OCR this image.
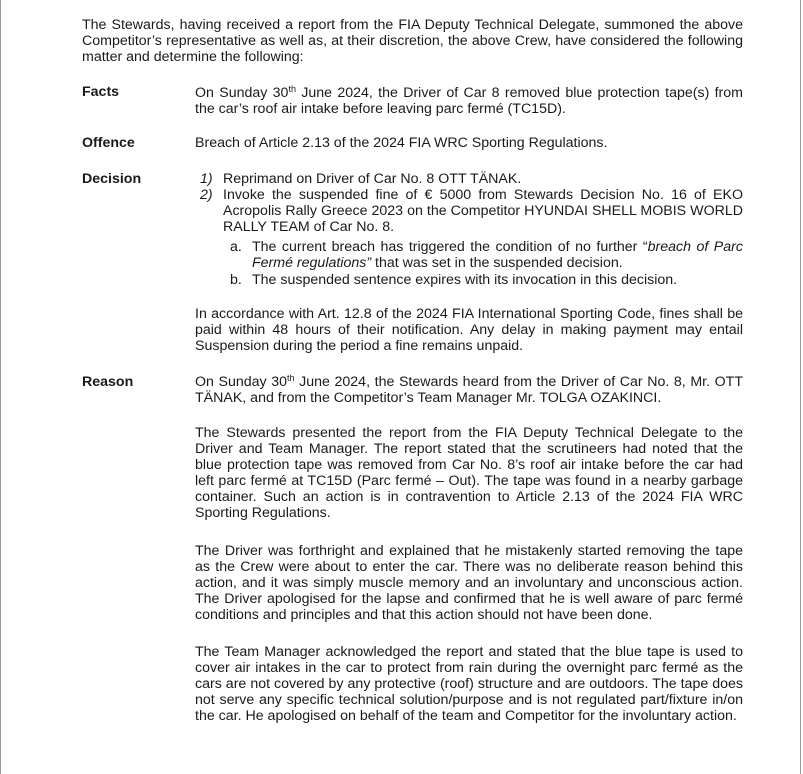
The Stewards, having received a report from the FIA Deputy Technical Delegate, summoned the above Competitor’s representative as well as, at their discretion, the above Crew, have considered the following matter and determine the following:
Facts	On Sunday 30th June 2024, the Driver of Car 8 removed blue protection tape(s) from the car’s roof air intake before leaving parc fermé (TC15D).
Offence	Breach of Article 2.13 of the 2024 FIA WRC Sporting Regulations.
Decision	1) Reprimand on Driver of Car No. 8 OTT TÄNAK.
2) Invoke the suspended fine of € 5000 from Stewards Decision No. 16 of EKO Acropolis Rally Greece 2023 on the Competitor HYUNDAI SHELL MOBIS WORLD RALLY TEAM of Car No. 8.
a. The current breach has triggered the condition of no further “breach of Parc Fermé regulations” that was set in the suspended decision.
b. The suspended sentence expires with its invocation in this decision.
In accordance with Art. 12.8 of the 2024 FIA International Sporting Code, fines shall be paid within 48 hours of their notification. Any delay in making payment may entail Suspension during the period a fine remains unpaid.
Reason	On Sunday 30th June 2024, the Stewards heard from the Driver of Car No. 8, Mr. OTT TÄNAK, and from the Competitor’s Team Manager Mr. TOLGA OZAKINCI.
The Stewards presented the report from the FIA Deputy Technical Delegate to the Driver and Team Manager. The report stated that the scrutineers had noted that the blue protection tape was removed from Car No. 8’s roof air intake before the car had left parc fermé at TC15D (Parc fermé – Out). The tape was found in a nearby garbage container. Such an action is in contravention to Article 2.13 of the 2024 FIA WRC Sporting Regulations.
The Driver was forthright and explained that he mistakenly started removing the tape as the Crew were about to enter the car. There was no deliberate reason behind this action, and it was simply muscle memory and an involuntary and unconscious action. The Driver apologised for the lapse and confirmed that he is well aware of parc fermé conditions and principles and that this action should not have been done.
The Team Manager acknowledged the report and stated that the blue tape is used to cover air intakes in the car to protect from rain during the overnight parc fermé as the cars are not covered by any protective (roof) structure and are outdoors. The tape does not serve any specific technical solution/purpose and is not regulated part/fixture in/on the car. He apologised on behalf of the team and Competitor for the involuntary action.
